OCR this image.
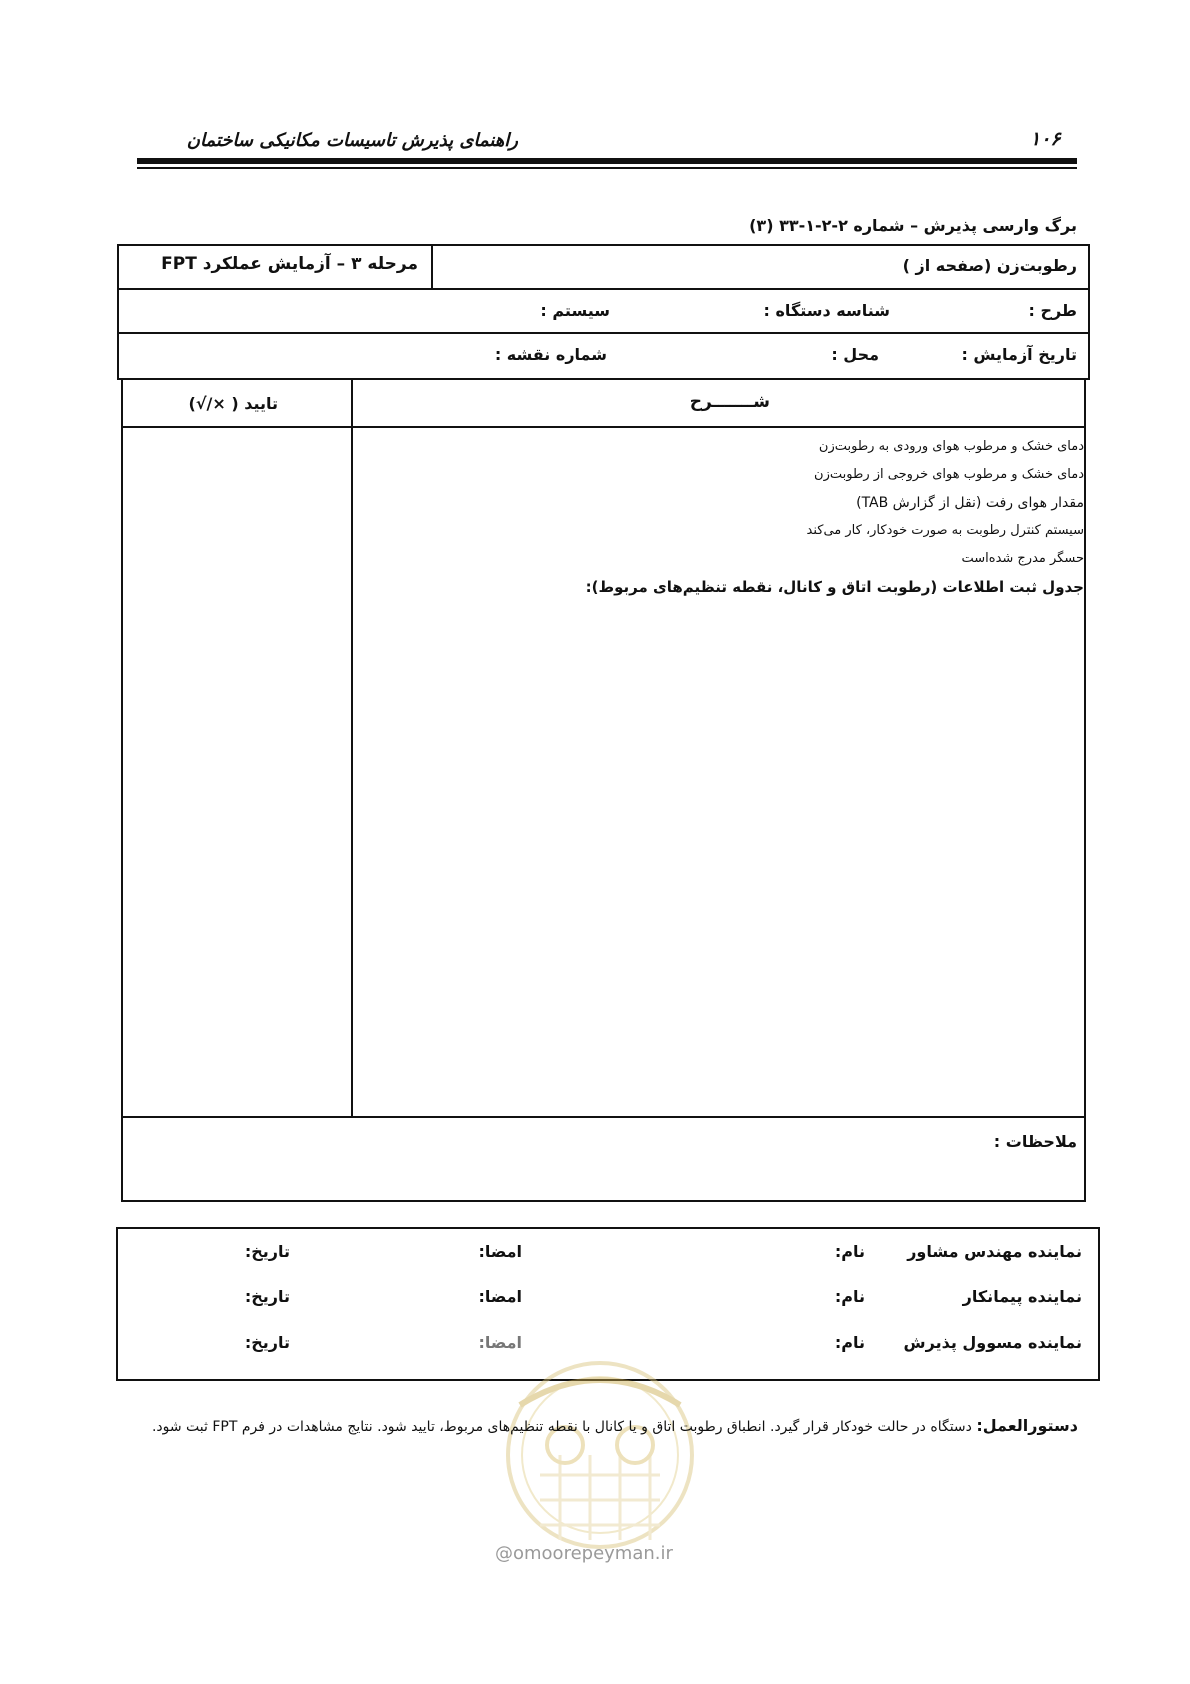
۱۰۶
راهنمای پذیرش تاسیسات مکانیکی ساختمان
برگ وارسی پذیرش – شماره ۲-۲-۱-۳۳ (۳)
رطوبت‌زن (صفحه از )
مرحله ۳ – آزمایش عملکرد FPT
طرح :
شناسه دستگاه :
سیستم :
تاریخ آزمایش :
محل :
شماره نقشه :
شـــــــرح
تایید ( ×/√)
دمای خشک و مرطوب هوای ورودی به رطوبت‌زن
دمای خشک و مرطوب هوای خروجی از رطوبت‌زن
مقدار هوای رفت (نقل از گزارش TAB)
سیستم کنترل رطوبت به صورت خودکار، کار می‌کند
حسگر مدرج شده‌است
جدول ثبت اطلاعات (رطوبت اتاق و کانال، نقطه تنظیم‌های مربوط):
ملاحظات :
نماینده مهندس مشاور
نام:
امضا:
تاریخ:
نماینده پیمانکار
نام:
امضا:
تاریخ:
نماینده مسوول پذیرش
نام:
امضا:
تاریخ:
@omoorepeyman.ir
دستورالعمل: دستگاه در حالت خودکار قرار گیرد. انطباق رطوبت اتاق و یا کانال با نقطه تنظیم‌های مربوط، تایید شود. نتایج مشاهدات در فرم FPT ثبت شود.
